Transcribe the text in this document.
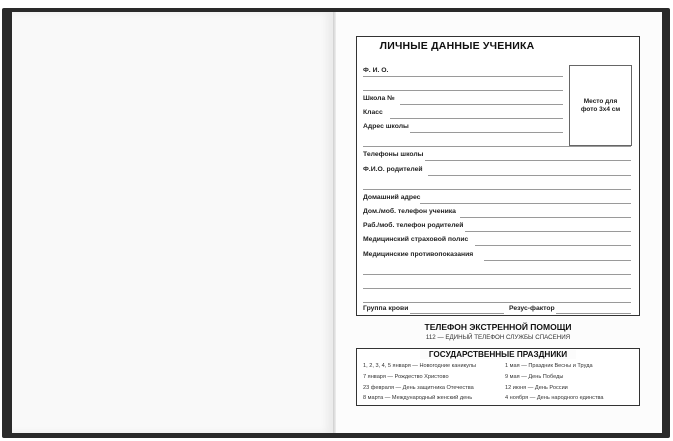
ЛИЧНЫЕ ДАННЫЕ УЧЕНИКА
Место для фото 3х4 см
Ф. И. О.
Школа №
Класс
Адрес школы
Телефоны школы
Ф.И.О. родителей
Домашний адрес
Дом./моб. телефон ученика
Раб./моб. телефон родителей
Медицинский страховой полис
Медицинские противопоказания
Группа крови	Резус-фактор
ТЕЛЕФОН ЭКСТРЕННОЙ ПОМОЩИ
112 — ЕДИНЫЙ ТЕЛЕФОН СЛУЖБЫ СПАСЕНИЯ
ГОСУДАРСТВЕННЫЕ ПРАЗДНИКИ
1, 2, 3, 4, 5 января — Новогодние каникулы
7 января — Рождество Христово
23 февраля — День защитника Отечества
8 марта — Международный женский день
1 мая — Праздник Весны и Труда
9 мая — День Победы
12 июня — День России
4 ноября — День народного единства
